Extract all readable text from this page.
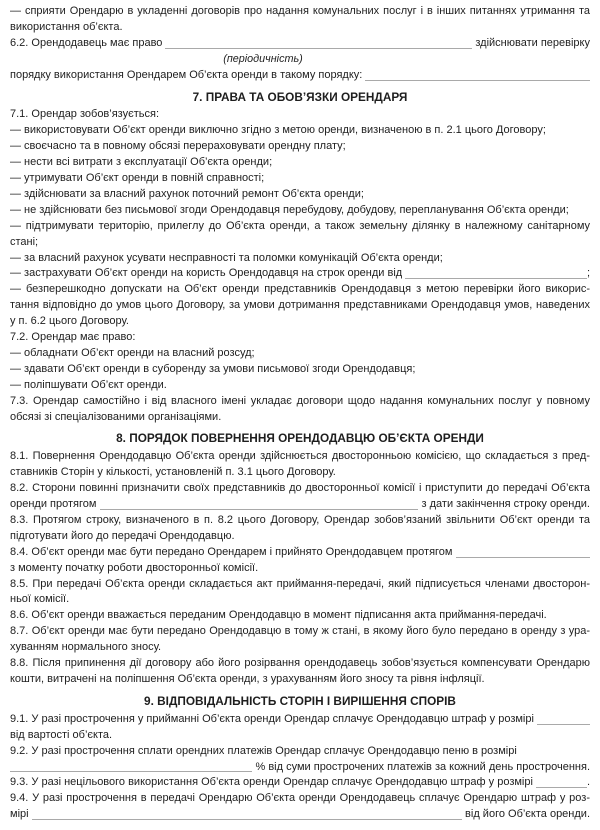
— сприяти Орендарю в укладенні договорів про надання комунальних послуг і в інших питаннях утримання та
використання об’єкта.
6.2. Орендодавець має право	здійснювати перевірку
(періодичність)
порядку використання Орендарем Об’єкта оренди в такому порядку:
7. ПРАВА ТА ОБОВ’ЯЗКИ ОРЕНДАРЯ
7.1. Орендар зобов’язується:
— використовувати Об’єкт оренди виключно згідно з метою оренди, визначеною в п. 2.1 цього Договору;
— своєчасно та в повному обсязі перераховувати орендну плату;
— нести всі витрати з експлуатації Об’єкта оренди;
— утримувати Об’єкт оренди в повній справності;
— здійснювати за власний рахунок поточний ремонт Об’єкта оренди;
— не здійснювати без письмової згоди Орендодавця перебудову, добудову, перепланування Об’єкта оренди;
— підтримувати територію, прилеглу до Об’єкта оренди, а також земельну ділянку в належному санітарному
стані;
— за власний рахунок усувати несправності та поломки комунікацій Об’єкта оренди;
— застрахувати Об’єкт оренди на користь Орендодавця на строк оренди від	;
— безперешкодно допускати на Об’єкт оренди представників Орендодавця з метою перевірки його викорис-
тання відповідно до умов цього Договору, за умови дотримання представниками Орендодавця умов, наведених
у п. 6.2 цього Договору.
7.2. Орендар має право:
— обладнати Об’єкт оренди на власний розсуд;
— здавати Об’єкт оренди в суборенду за умови письмової згоди Орендодавця;
— поліпшувати Об’єкт оренди.
7.3. Орендар самостійно і від власного імені укладає договори щодо надання комунальних послуг у повному
обсязі зі спеціалізованими організаціями.
8. ПОРЯДОК ПОВЕРНЕННЯ ОРЕНДОДАВЦЮ ОБ’ЄКТА ОРЕНДИ
8.1. Повернення Орендодавцю Об’єкта оренди здійснюється двосторонньою комісією, що складається з пред-
ставників Сторін у кількості, установленій п. 3.1 цього Договору.
8.2. Сторони повинні призначити своїх представників до двосторонньої комісії і приступити до передачі Об’єкта
оренди протягом	з дати закінчення строку оренди.
8.3. Протягом строку, визначеного в п. 8.2 цього Договору, Орендар зобов’язаний звільнити Об’єкт оренди та
підготувати його до передачі Орендодавцю.
8.4. Об’єкт оренди має бути передано Орендарем і прийнято Орендодавцем протягом
з моменту початку роботи двосторонньої комісії.
8.5. При передачі Об’єкта оренди складається акт приймання-передачі, який підписується членами двосторон-
ньої комісії.
8.6. Об’єкт оренди вважається переданим Орендодавцю в момент підписання акта приймання-передачі.
8.7. Об’єкт оренди має бути передано Орендодавцю в тому ж стані, в якому його було передано в оренду з ура-
хуванням нормального зносу.
8.8. Після припинення дії договору або його розірвання орендодавець зобов’язується компенсувати Орендарю
кошти, витрачені на поліпшення Об’єкта оренди, з урахуванням його зносу та рівня інфляції.
9. ВІДПОВІДАЛЬНІСТЬ СТОРІН І ВИРІШЕННЯ СПОРІВ
9.1. У разі прострочення у прийманні Об’єкта оренди Орендар сплачує Орендодавцю штраф у розмірі
від вартості об’єкта.
9.2. У разі прострочення сплати орендних платежів Орендар сплачує Орендодавцю пеню в розмірі
% від суми прострочених платежів за кожний день прострочення.
9.3. У разі нецільового використання Об’єкта оренди Орендар сплачує Орендодавцю штраф у розмірі	.
9.4. У разі прострочення в передачі Орендарю Об’єкта оренди Орендодавець сплачує Орендарю штраф у роз-
мірі	від його Об’єкта оренди.
